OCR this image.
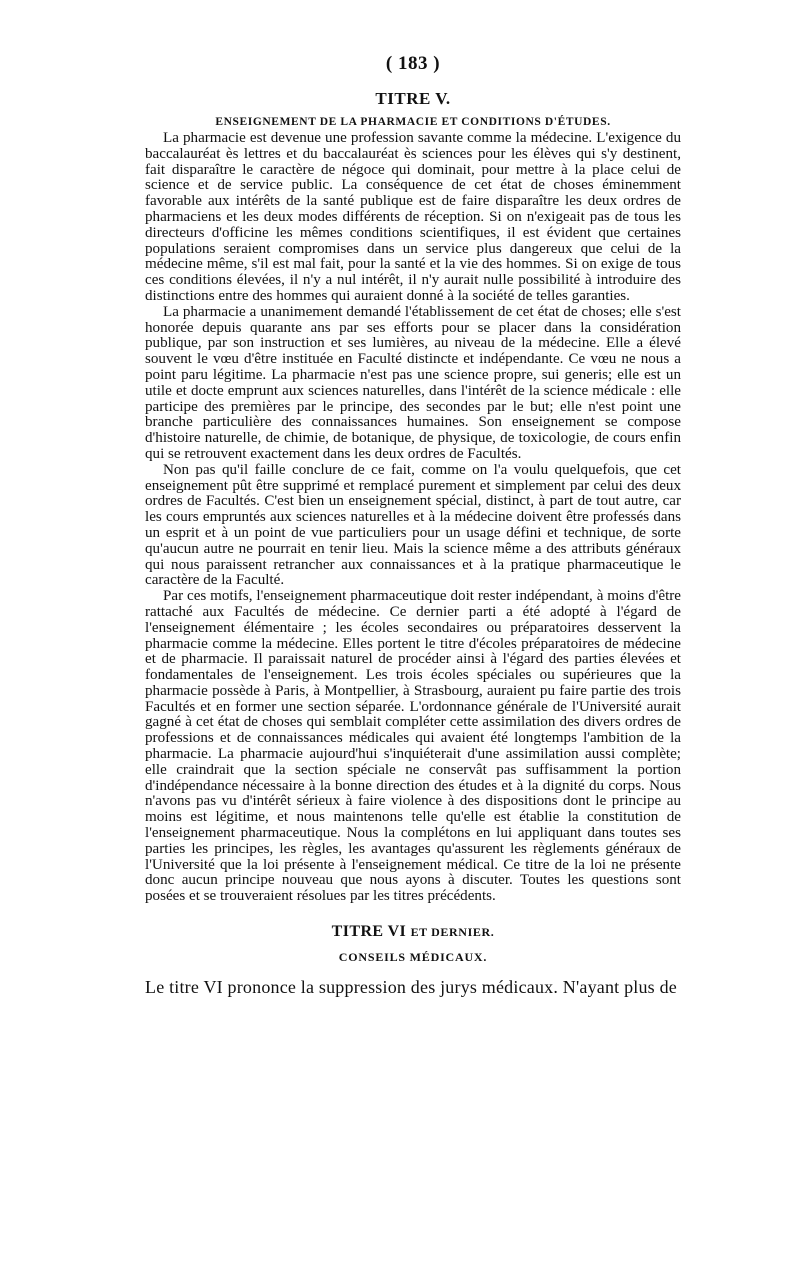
( 183 )
TITRE V.
ENSEIGNEMENT DE LA PHARMACIE ET CONDITIONS D'ÉTUDES.

La pharmacie est devenue une profession savante comme la médecine. L'exigence du baccalauréat ès lettres et du baccalauréat ès sciences pour les élèves qui s'y destinent, fait disparaître le caractère de négoce qui dominait, pour mettre à la place celui de science et de service public. La conséquence de cet état de choses éminemment favorable aux intérêts de la santé publique est de faire disparaître les deux ordres de pharmaciens et les deux modes différents de réception. Si on n'exigeait pas de tous les directeurs d'officine les mêmes conditions scientifiques, il est évident que certaines populations seraient compromises dans un service plus dangereux que celui de la médecine même, s'il est mal fait, pour la santé et la vie des hommes. Si on exige de tous ces conditions élevées, il n'y a nul intérêt, il n'y aurait nulle possibilité à introduire des distinctions entre des hommes qui auraient donné à la société de telles garanties.

La pharmacie a unanimement demandé l'établissement de cet état de choses; elle s'est honorée depuis quarante ans par ses efforts pour se placer dans la considération publique, par son instruction et ses lumières, au niveau de la médecine. Elle a élevé souvent le vœu d'être instituée en Faculté distincte et indépendante. Ce vœu ne nous a point paru légitime. La pharmacie n'est pas une science propre, sui generis; elle est un utile et docte emprunt aux sciences naturelles, dans l'intérêt de la science médicale : elle participe des premières par le principe, des secondes par le but; elle n'est point une branche particulière des connaissances humaines. Son enseignement se compose d'histoire naturelle, de chimie, de botanique, de physique, de toxicologie, de cours enfin qui se retrouvent exactement dans les deux ordres de Facultés.

Non pas qu'il faille conclure de ce fait, comme on l'a voulu quelquefois, que cet enseignement pût être supprimé et remplacé purement et simplement par celui des deux ordres de Facultés. C'est bien un enseignement spécial, distinct, à part de tout autre, car les cours empruntés aux sciences naturelles et à la médecine doivent être professés dans un esprit et à un point de vue particuliers pour un usage défini et technique, de sorte qu'aucun autre ne pourrait en tenir lieu. Mais la science même a des attributs généraux qui nous paraissent retrancher aux connaissances et à la pratique pharmaceutique le caractère de la Faculté.

Par ces motifs, l'enseignement pharmaceutique doit rester indépendant, à moins d'être rattaché aux Facultés de médecine. Ce dernier parti a été adopté à l'égard de l'enseignement élémentaire ; les écoles secondaires ou préparatoires desservent la pharmacie comme la médecine. Elles portent le titre d'écoles préparatoires de médecine et de pharmacie. Il paraissait naturel de procéder ainsi à l'égard des parties élevées et fondamentales de l'enseignement. Les trois écoles spéciales ou supérieures que la pharmacie possède à Paris, à Montpellier, à Strasbourg, auraient pu faire partie des trois Facultés et en former une section séparée. L'ordonnance générale de l'Université aurait gagné à cet état de choses qui semblait compléter cette assimilation des divers ordres de professions et de connaissances médicales qui avaient été longtemps l'ambition de la pharmacie. La pharmacie aujourd'hui s'inquiéterait d'une assimilation aussi complète; elle craindrait que la section spéciale ne conservât pas suffisamment la portion d'indépendance nécessaire à la bonne direction des études et à la dignité du corps. Nous n'avons pas vu d'intérêt sérieux à faire violence à des dispositions dont le principe au moins est légitime, et nous maintenons telle qu'elle est établie la constitution de l'enseignement pharmaceutique. Nous la complétons en lui appliquant dans toutes ses parties les principes, les règles, les avantages qu'assurent les règlements généraux de l'Université que la loi présente à l'enseignement médical. Ce titre de la loi ne présente donc aucun principe nouveau que nous ayons à discuter. Toutes les questions sont posées et se trouveraient résolues par les titres précédents.

TITRE VI ET DERNIER.
CONSEILS MÉDICAUX.
Le titre VI prononce la suppression des jurys médicaux. N'ayant plus de
